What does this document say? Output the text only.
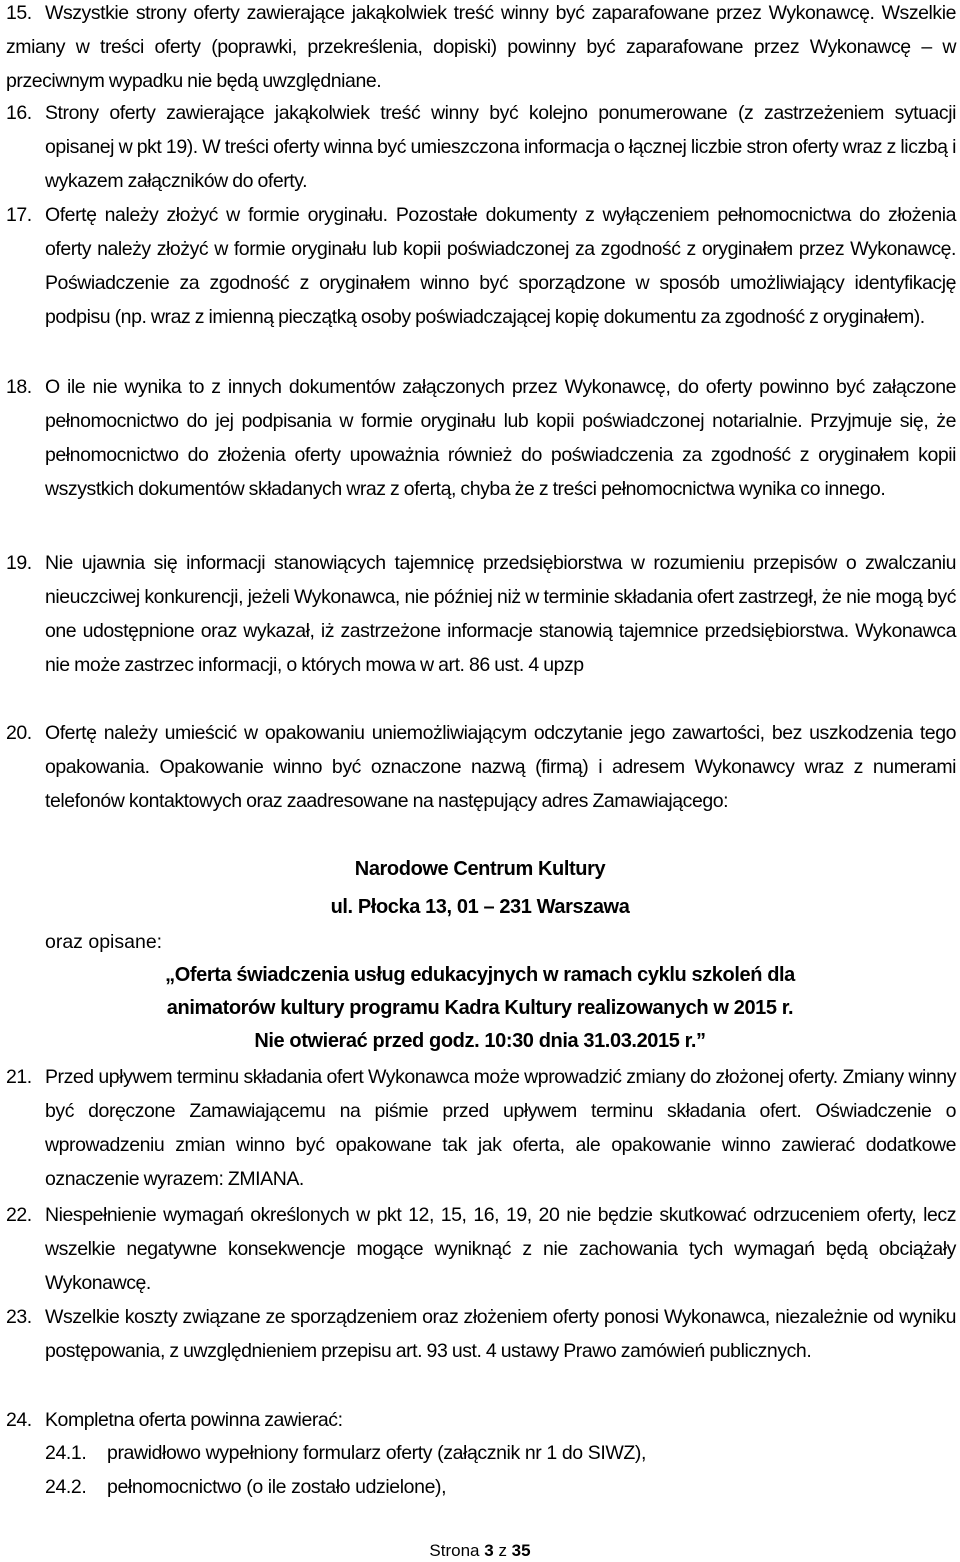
15. Wszystkie strony oferty zawierające jakąkolwiek treść winny być zaparafowane przez Wykonawcę. Wszelkie zmiany w treści oferty (poprawki, przekreślenia, dopiski) powinny być zaparafowane przez Wykonawcę – w przeciwnym wypadku nie będą uwzględniane.
16. Strony oferty zawierające jakąkolwiek treść winny być kolejno ponumerowane (z zastrzeżeniem sytuacji opisanej w pkt 19). W treści oferty winna być umieszczona informacja o łącznej liczbie stron oferty wraz z liczbą i wykazem załączników do oferty.
17. Ofertę należy złożyć w formie oryginału. Pozostałe dokumenty z wyłączeniem pełnomocnictwa do złożenia oferty należy złożyć w formie oryginału lub kopii poświadczonej za zgodność z oryginałem przez Wykonawcę. Poświadczenie za zgodność z oryginałem winno być sporządzone w sposób umożliwiający identyfikację podpisu (np. wraz z imienną pieczątką osoby poświadczającej kopię dokumentu za zgodność z oryginałem).
18. O ile nie wynika to z innych dokumentów załączonych przez Wykonawcę, do oferty powinno być załączone pełnomocnictwo do jej podpisania w formie oryginału lub kopii poświadczonej notarialnie. Przyjmuje się, że pełnomocnictwo do złożenia oferty upoważnia również do poświadczenia za zgodność z oryginałem kopii wszystkich dokumentów składanych wraz z ofertą, chyba że z treści pełnomocnictwa wynika co innego.
19. Nie ujawnia się informacji stanowiących tajemnicę przedsiębiorstwa w rozumieniu przepisów o zwalczaniu nieuczciwej konkurencji, jeżeli Wykonawca, nie później niż w terminie składania ofert zastrzegł, że nie mogą być one udostępnione oraz wykazał, iż zastrzeżone informacje stanowią tajemnice przedsiębiorstwa. Wykonawca nie może zastrzec informacji, o których mowa w art. 86 ust. 4 upzp
20. Ofertę należy umieścić w opakowaniu uniemożliwiającym odczytanie jego zawartości, bez uszkodzenia tego opakowania. Opakowanie winno być oznaczone nazwą (firmą) i adresem Wykonawcy wraz z numerami telefonów kontaktowych oraz zaadresowane na następujący adres Zamawiającego:
Narodowe Centrum Kultury
ul. Płocka 13, 01 – 231 Warszawa
oraz opisane:
„Oferta świadczenia usług edukacyjnych w ramach cyklu szkoleń dla
animatorów kultury programu Kadra Kultury realizowanych w 2015 r.
Nie otwierać przed godz. 10:30 dnia 31.03.2015 r.”
21. Przed upływem terminu składania ofert Wykonawca może wprowadzić zmiany do złożonej oferty. Zmiany winny być doręczone Zamawiającemu na piśmie przed upływem terminu składania ofert. Oświadczenie o wprowadzeniu zmian winno być opakowane tak jak oferta, ale opakowanie winno zawierać dodatkowe oznaczenie wyrazem: ZMIANA.
22. Niespełnienie wymagań określonych w pkt 12, 15, 16, 19, 20 nie będzie skutkować odrzuceniem oferty, lecz wszelkie negatywne konsekwencje mogące wyniknąć z nie zachowania tych wymagań będą obciążały Wykonawcę.
23. Wszelkie koszty związane ze sporządzeniem oraz złożeniem oferty ponosi Wykonawca, niezależnie od wyniku postępowania, z uwzględnieniem przepisu art. 93 ust. 4 ustawy Prawo zamówień publicznych.
24. Kompletna oferta powinna zawierać:
24.1. prawidłowo wypełniony formularz oferty (załącznik nr 1 do SIWZ),
24.2. pełnomocnictwo (o ile zostało udzielone),
Strona 3 z 35
